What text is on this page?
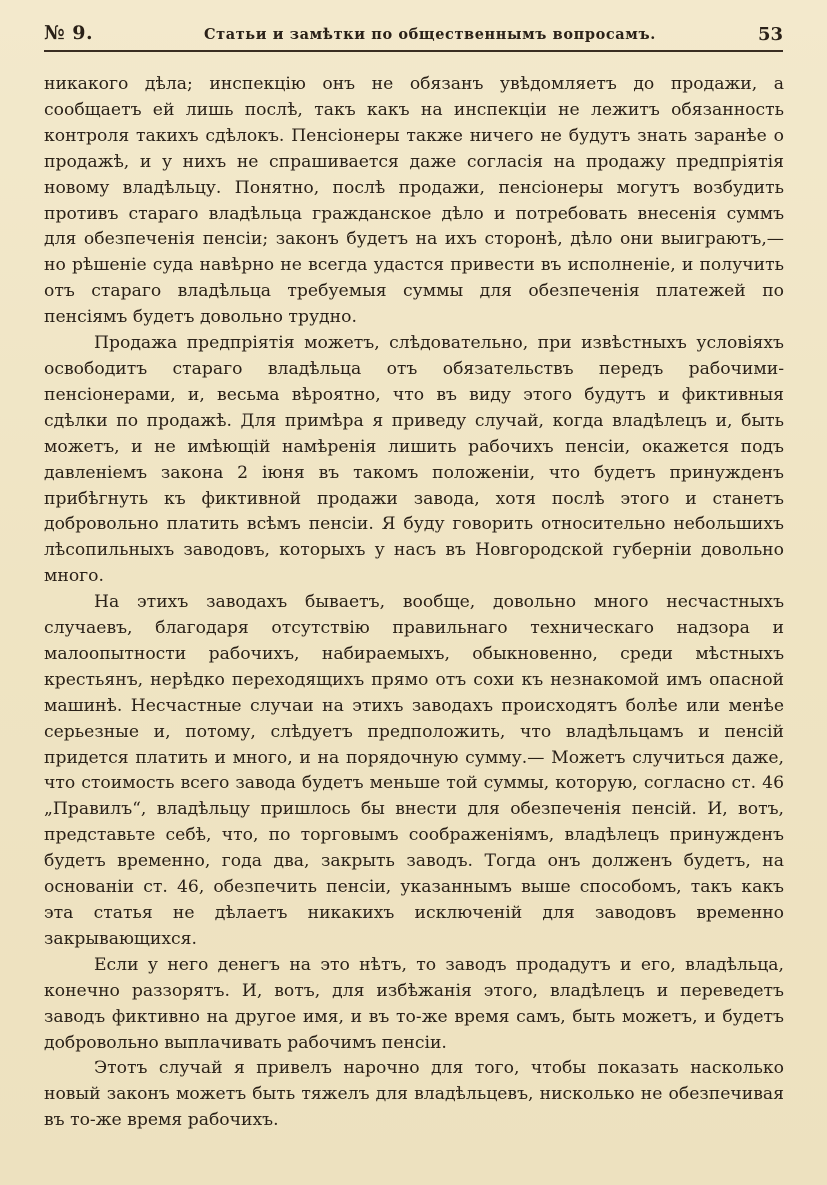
№ 9.	Статьи и замѣтки по общественнымъ вопросамъ.	53

никакого дѣла; инспекцію онъ не обязанъ увѣдомляетъ до продажи, а сообщаетъ ей лишь послѣ, такъ какъ на инспекціи не лежитъ обязанность контроля такихъ сдѣлокъ. Пенсіонеры также ничего не будутъ знать заранѣе о продажѣ, и у нихъ не спрашивается даже согласія на продажу предпріятія новому владѣльцу. Понятно, послѣ продажи, пенсіонеры могутъ возбудить противъ стараго владѣльца гражданское дѣло и потребовать внесенія суммъ для обезпеченія пенсіи; законъ будетъ на ихъ сторонѣ, дѣло они выиграютъ,—но рѣшеніе суда навѣрно не всегда удастся привести въ исполненіе, и получить отъ стараго владѣльца требуемыя суммы для обезпеченія платежей по пенсіямъ будетъ довольно трудно.

Продажа предпріятія можетъ, слѣдовательно, при извѣстныхъ условіяхъ освободитъ стараго владѣльца отъ обязательствъ передъ рабочими-пенсіонерами, и, весьма вѣроятно, что въ виду этого будутъ и фиктивныя сдѣлки по продажѣ. Для примѣра я приведу случай, когда владѣлецъ и, быть можетъ, и не имѣющій намѣренія лишить рабочихъ пенсіи, окажется подъ давленіемъ закона 2 іюня въ такомъ положеніи, что будетъ принужденъ прибѣгнуть къ фиктивной продажи завода, хотя послѣ этого и станетъ добровольно платить всѣмъ пенсіи. Я буду говорить относительно небольшихъ лѣсопильныхъ заводовъ, которыхъ у насъ въ Новгородской губерніи довольно много.

На этихъ заводахъ бываетъ, вообще, довольно много несчастныхъ случаевъ, благодаря отсутствію правильнаго техническаго надзора и малоопытности рабочихъ, набираемыхъ, обыкновенно, среди мѣстныхъ крестьянъ, нерѣдко переходящихъ прямо отъ сохи къ незнакомой имъ опасной машинѣ. Несчастные случаи на этихъ заводахъ происходятъ болѣе или менѣе серьезные и, потому, слѣдуетъ предположить, что владѣльцамъ и пенсій придется платить и много, и на порядочную сумму.— Можетъ случиться даже, что стоимость всего завода будетъ меньше той суммы, которую, согласно ст. 46 „Правилъ“, владѣльцу пришлось бы внести для обезпеченія пенсій. И, вотъ, представьте себѣ, что, по торговымъ соображеніямъ, владѣлецъ принужденъ будетъ временно, года два, закрыть заводъ. Тогда онъ долженъ будетъ, на основаніи ст. 46, обезпечить пенсіи, указаннымъ выше способомъ, такъ какъ эта статья не дѣлаетъ никакихъ исключеній для заводовъ временно закрывающихся.

Если у него денегъ на это нѣтъ, то заводъ продадутъ и его, владѣльца, конечно раззорятъ. И, вотъ, для избѣжанія этого, владѣлецъ и переведетъ заводъ фиктивно на другое имя, и въ то-же время самъ, быть можетъ, и будетъ добровольно выплачивать рабочимъ пенсіи.

Этотъ случай я привелъ нарочно для того, чтобы показать насколько новый законъ можетъ быть тяжелъ для владѣльцевъ, нисколько не обезпечивая въ то-же время рабочихъ.
